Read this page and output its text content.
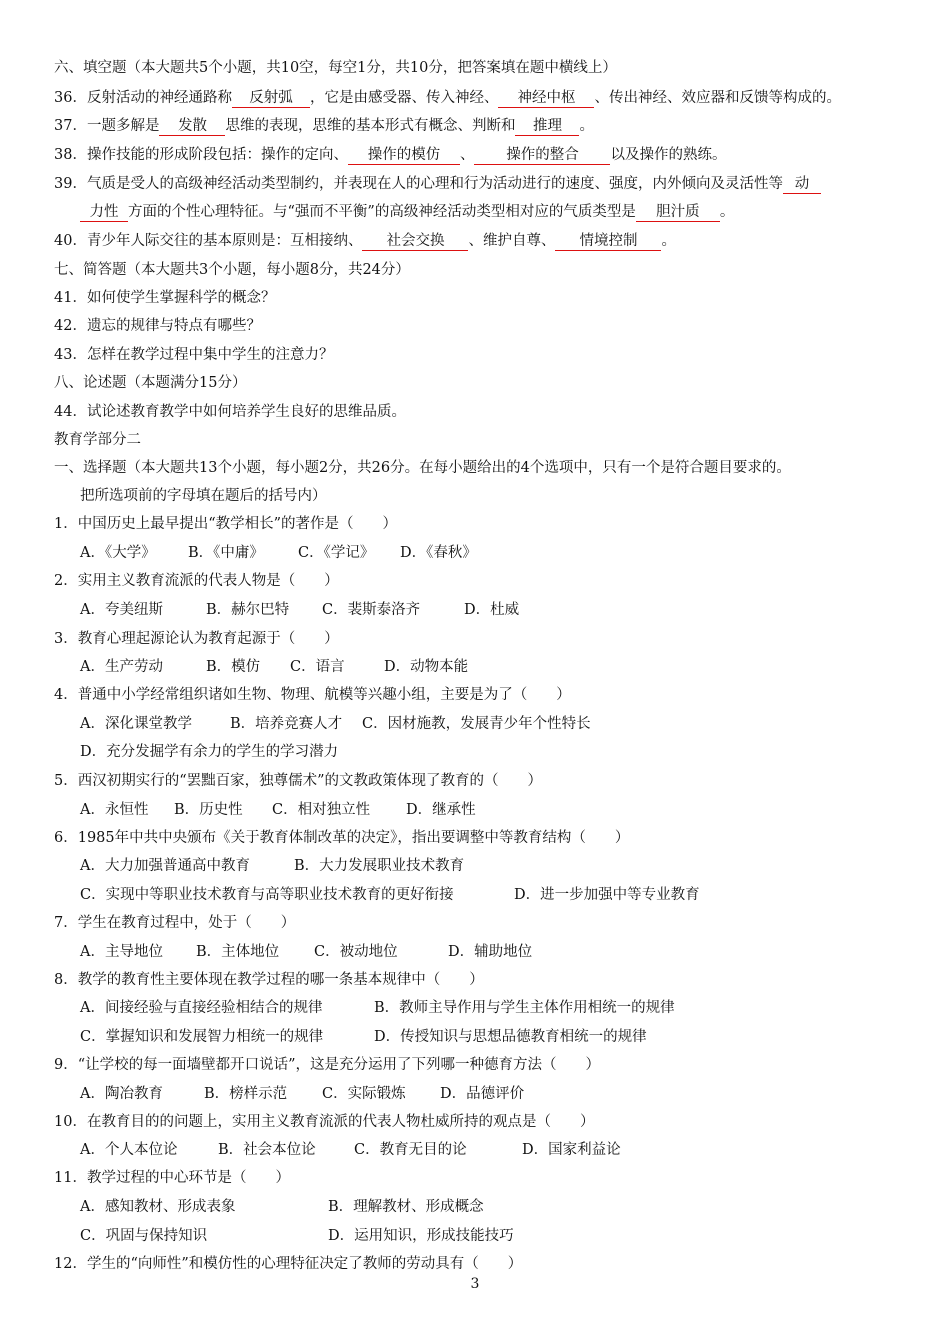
六、填空题（本大题共5个小题，共10空，每空1分，共10分，把答案填在题中横线上）
36．反射活动的神经通路称 反射弧 ，它是由感受器、传入神经、 神经中枢 、传出神经、效应器和反馈等构成的。
37．一题多解是 发散 思维的表现，思维的基本形式有概念、判断和 推理 。
38．操作技能的形成阶段包括：操作的定向、 操作的模仿 、 操作的整合 以及操作的熟练。
39．气质是受人的高级神经活动类型制约，并表现在人的心理和行为活动进行的速度、强度，内外倾向及灵活性等 动
力性 方面的个性心理特征。与“强而不平衡”的高级神经活动类型相对应的气质类型是 胆汁质 。
40．青少年人际交往的基本原则是：互相接纳、 社会交换 、维护自尊、 情境控制 。
七、简答题（本大题共3个小题，每小题8分，共24分）
41．如何使学生掌握科学的概念？
42．遗忘的规律与特点有哪些？
43．怎样在教学过程中集中学生的注意力？
八、论述题（本题满分15分）
44．试论述教育教学中如何培养学生良好的思维品质。
教育学部分二
一、选择题（本大题共13个小题，每小题2分，共26分。在每小题给出的4个选项中，只有一个是符合题目要求的。
把所选项前的字母填在题后的括号内）
1．中国历史上最早提出“教学相长”的著作是（　　）
A．《大学》 B．《中庸》 C．《学记》 D．《春秋》
2．实用主义教育流派的代表人物是（　　）
A．夸美纽斯	B．赫尔巴特 C．裴斯泰洛齐	D．杜威
3．教育心理起源论认为教育起源于（　　）
A．生产劳动	B．模仿 C．语言	D．动物本能
4．普通中小学经常组织诸如生物、物理、航模等兴趣小组，主要是为了（　　）
A．深化课堂教学	B．培养竞赛人才 C．因材施教，发展青少年个性特长
D．充分发掘学有余力的学生的学习潜力
5．西汉初期实行的“罢黜百家，独尊儒术”的文教政策体现了教育的（　　）
A．永恒性 B．历史性 C．相对独立性 D．继承性
6．1985年中共中央颁布《关于教育体制改革的决定》，指出要调整中等教育结构（　　）
A．大力加强普通高中教育	B．大力发展职业技术教育
C．实现中等职业技术教育与高等职业技术教育的更好衔接	D．进一步加强中等专业教育
7．学生在教育过程中，处于（　　）
A．主导地位 B．主体地位 C．被动地位	D．辅助地位
8．教学的教育性主要体现在教学过程的哪一条基本规律中（　　）
A．间接经验与直接经验相结合的规律	B．教师主导作用与学生主体作用相统一的规律
C．掌握知识和发展智力相统一的规律	D．传授知识与思想品德教育相统一的规律
9．“让学校的每一面墙壁都开口说话”，这是充分运用了下列哪一种德育方法（　　）
A．陶冶教育	B．榜样示范 C．实际锻炼 D．品德评价
10．在教育目的的问题上，实用主义教育流派的代表人物杜威所持的观点是（　　）
A．个人本位论	B．社会本位论	C．教育无目的论	D．国家利益论
11．教学过程的中心环节是（　　）
A．感知教材、形成表象	B．理解教材、形成概念
C．巩固与保持知识	D．运用知识，形成技能技巧
12．学生的“向师性”和模仿性的心理特征决定了教师的劳动具有（　　）
3
